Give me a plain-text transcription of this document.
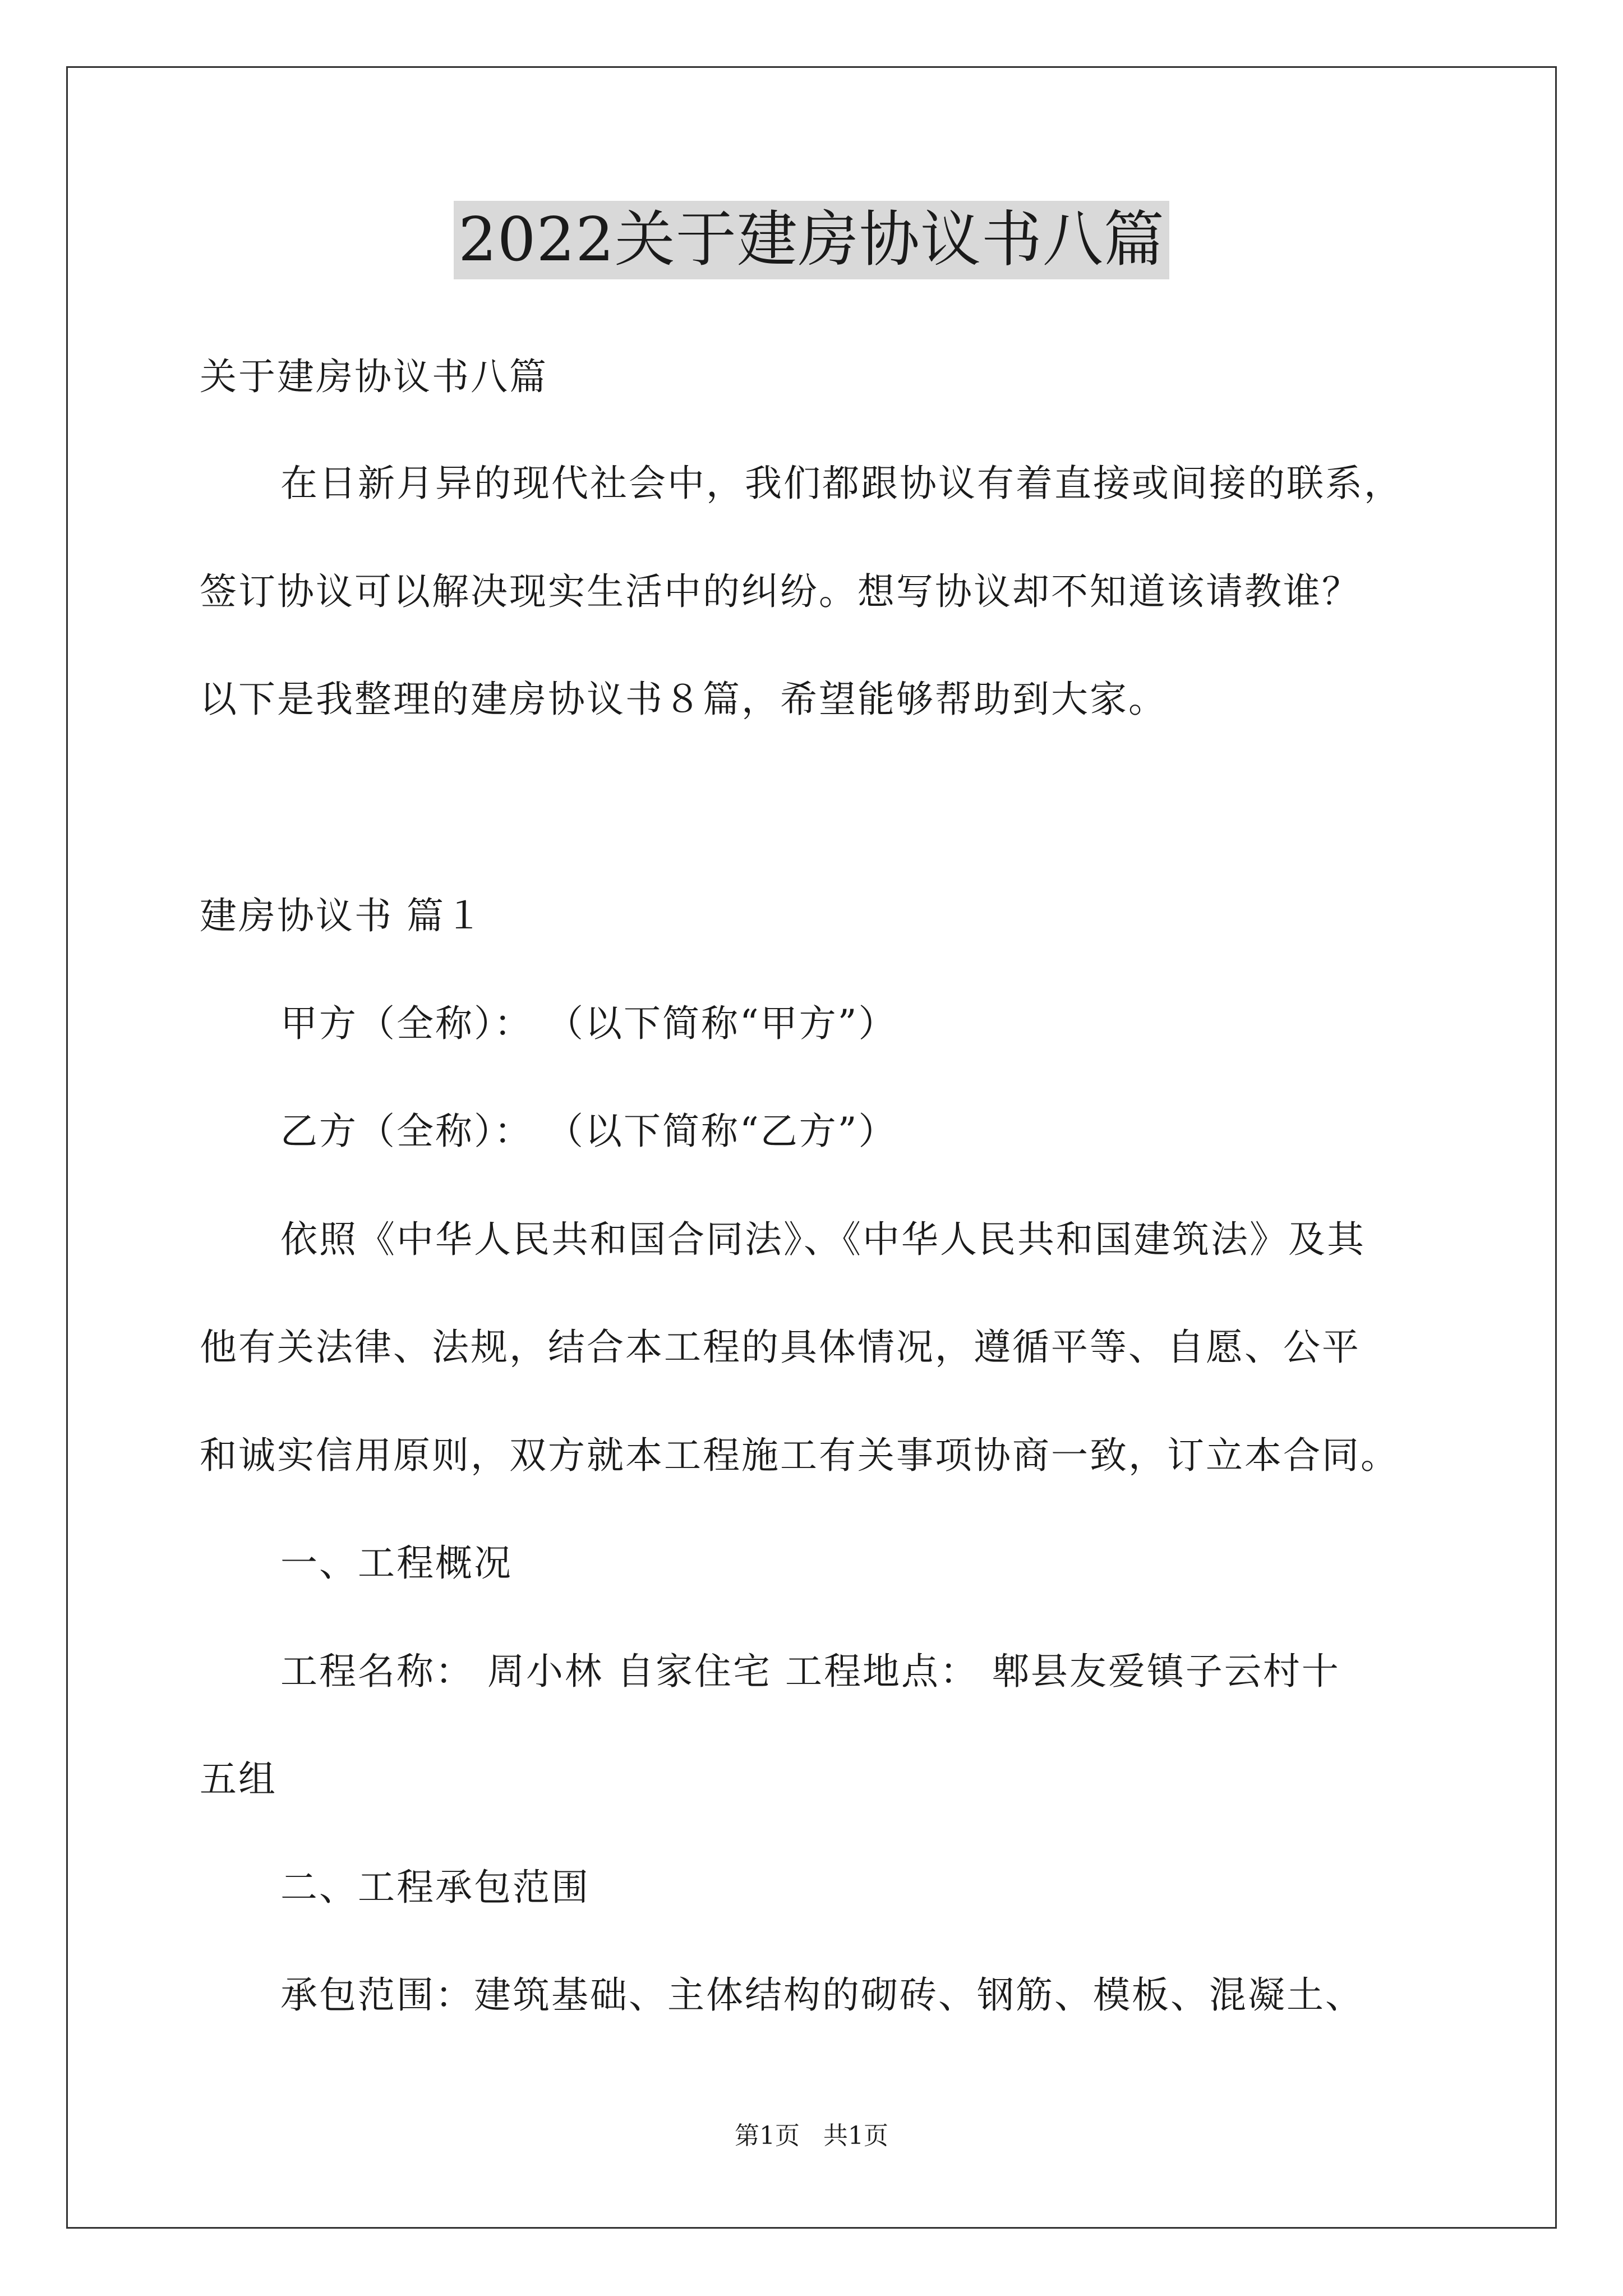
2022关于建房协议书八篇
关于建房协议书八篇
在日新月异的现代社会中，我们都跟协议有着直接或间接的联系，
签订协议可以解决现实生活中的纠纷。想写协议却不知道该请教谁？
以下是我整理的建房协议书８篇，希望能够帮助到大家。
建房协议书 篇１
甲方（全称）： （以下简称“甲方”）
乙方（全称）： （以下简称“乙方”）
依照《中华人民共和国合同法》、《中华人民共和国建筑法》及其
他有关法律、法规，结合本工程的具体情况，遵循平等、自愿、公平
和诚实信用原则，双方就本工程施工有关事项协商一致，订立本合同。
一、工程概况
工程名称： 周小林 自家住宅 工程地点： 郫县友爱镇子云村十
五组
二、工程承包范围
承包范围：建筑基础、主体结构的砌砖、钢筋、模板、混凝土、
第1页   共1页
